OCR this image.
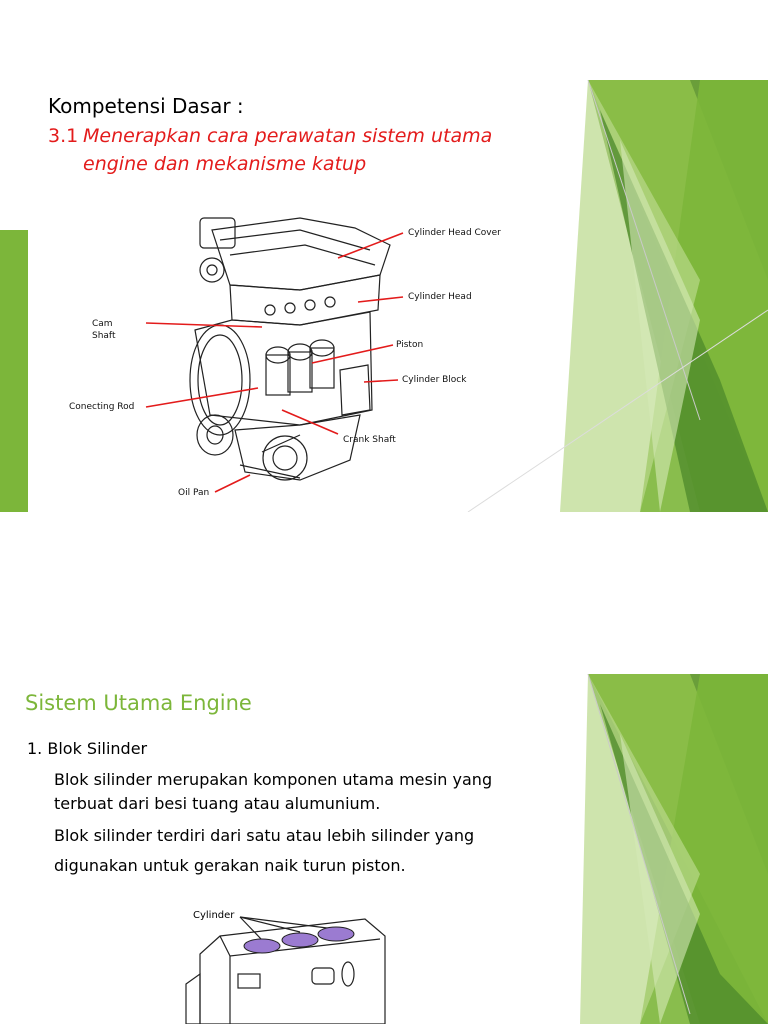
Kompetensi Dasar :
3.1 Menerapkan cara perawatan sistem utama
engine dan mekanisme katup
Cylinder Head Cover
Cylinder Head
Cam
Shaft
Piston
Cylinder Block
Conecting Rod
Crank Shaft
Oil Pan
Sistem Utama Engine
1. Blok Silinder
Blok silinder merupakan komponen utama mesin yang terbuat dari besi tuang atau alumunium.
Blok silinder terdiri dari satu atau lebih silinder yang
digunakan untuk gerakan naik turun piston.
Cylinder
